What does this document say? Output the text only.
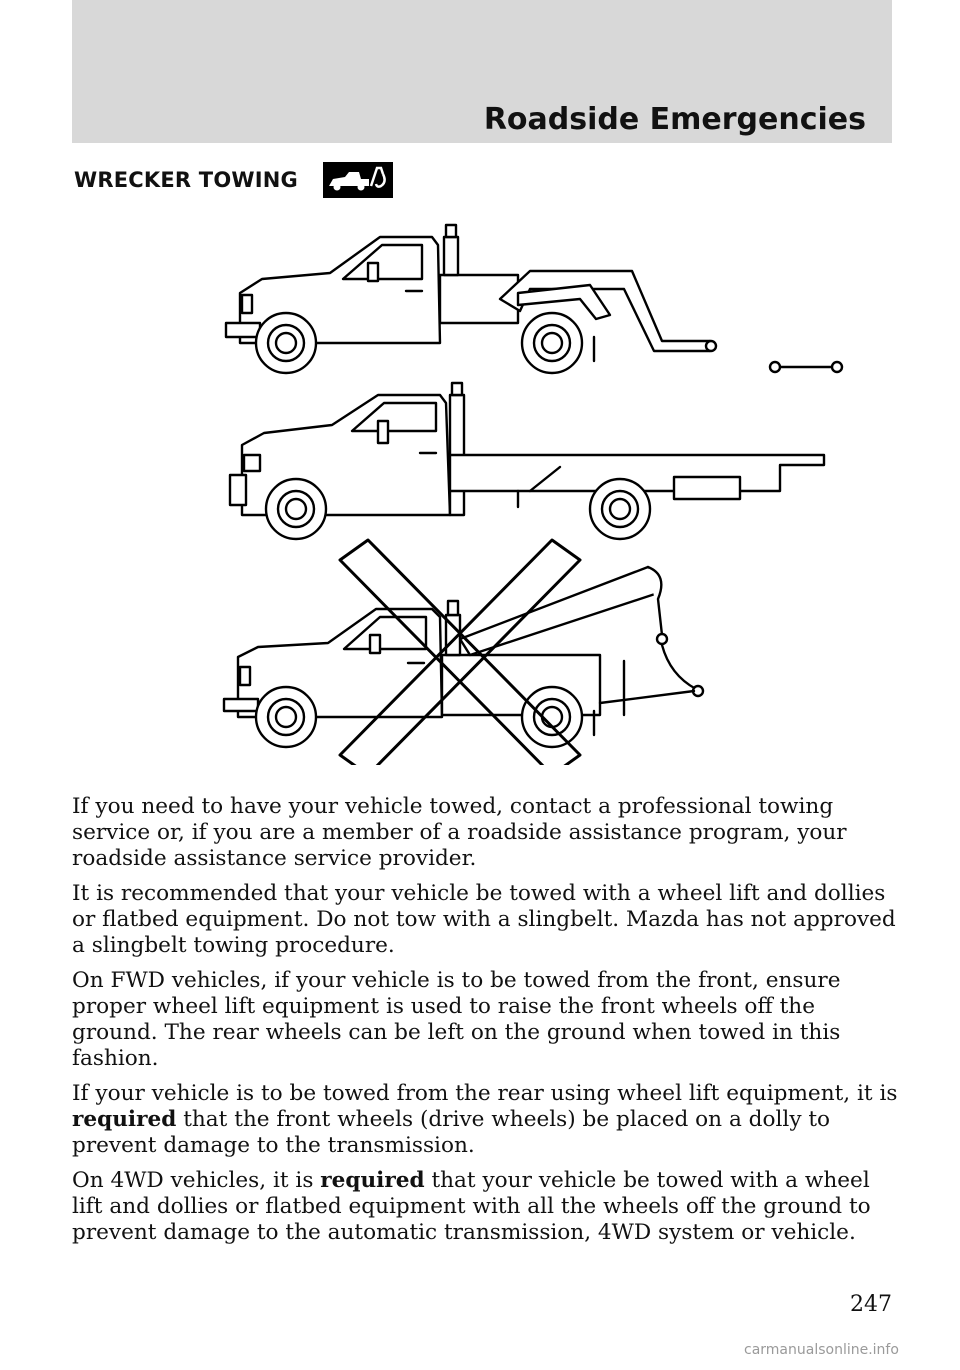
Roadside Emergencies
WRECKER TOWING

If you need to have your vehicle towed, contact a professional towing service or, if you are a member of a roadside assistance program, your roadside assistance service provider.

It is recommended that your vehicle be towed with a wheel lift and dollies or flatbed equipment. Do not tow with a slingbelt. Mazda has not approved a slingbelt towing procedure.

On FWD vehicles, if your vehicle is to be towed from the front, ensure proper wheel lift equipment is used to raise the front wheels off the ground. The rear wheels can be left on the ground when towed in this fashion.

If your vehicle is to be towed from the rear using wheel lift equipment, it is required that the front wheels (drive wheels) be placed on a dolly to prevent damage to the transmission.

On 4WD vehicles, it is required that your vehicle be towed with a wheel lift and dollies or flatbed equipment with all the wheels off the ground to prevent damage to the automatic transmission, 4WD system or vehicle.

247
carmanualsonline.info
